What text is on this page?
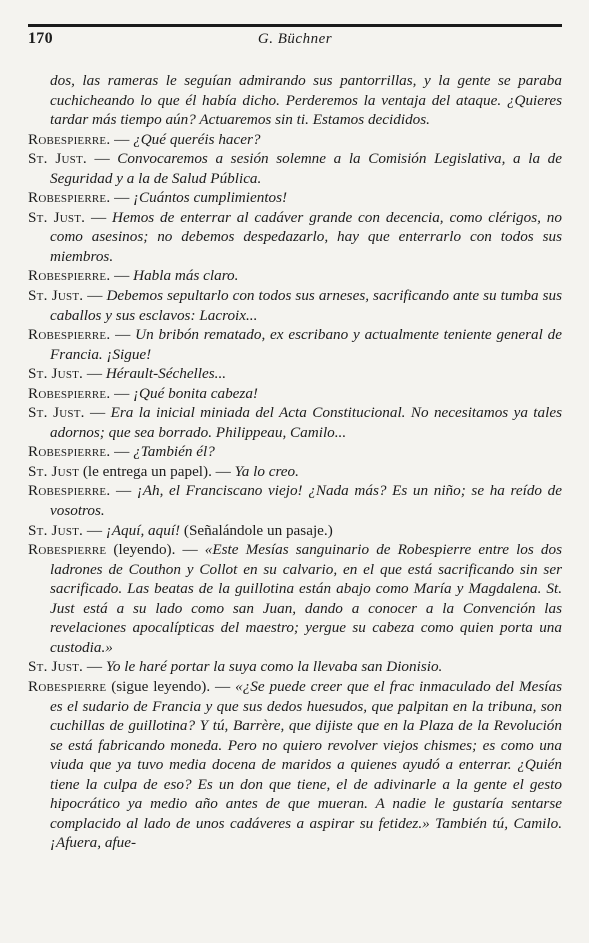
170	G. Büchner

dos, las rameras le seguían admirando sus pantorrillas, y la gente se paraba cuchicheando lo que él había dicho. Perderemos la ventaja del ataque. ¿Quieres tardar más tiempo aún? Actuaremos sin ti. Estamos decididos.

Robespierre. — ¿Qué queréis hacer?

St. Just. — Convocaremos a sesión solemne a la Comisión Legislativa, a la de Seguridad y a la de Salud Pública.

Robespierre. — ¡Cuántos cumplimientos!

St. Just. — Hemos de enterrar al cadáver grande con decencia, como clérigos, no como asesinos; no debemos despedazarlo, hay que enterrarlo con todos sus miembros.

Robespierre. — Habla más claro.

St. Just. — Debemos sepultarlo con todos sus arneses, sacrificando ante su tumba sus caballos y sus esclavos: Lacroix...

Robespierre. — Un bribón rematado, ex escribano y actualmente teniente general de Francia. ¡Sigue!

St. Just. — Hérault-Séchelles...

Robespierre. — ¡Qué bonita cabeza!

St. Just. — Era la inicial miniada del Acta Constitucional. No necesitamos ya tales adornos; que sea borrado. Philippeau, Camilo...

Robespierre. — ¿También él?

St. Just (le entrega un papel). — Ya lo creo.

Robespierre. — ¡Ah, el Franciscano viejo! ¿Nada más? Es un niño; se ha reído de vosotros.

St. Just. — ¡Aquí, aquí! (Señalándole un pasaje.)

Robespierre (leyendo). — «Este Mesías sanguinario de Robespierre entre los dos ladrones de Couthon y Collot en su calvario, en el que está sacrificando sin ser sacrificado. Las beatas de la guillotina están abajo como María y Magdalena. St. Just está a su lado como san Juan, dando a conocer a la Convención las revelaciones apocalípticas del maestro; yergue su cabeza como quien porta una custodia.»

St. Just. — Yo le haré portar la suya como la llevaba san Dionisio.

Robespierre (sigue leyendo). — «¿Se puede creer que el frac inmaculado del Mesías es el sudario de Francia y que sus dedos huesudos, que palpitan en la tribuna, son cuchillas de guillotina? Y tú, Barrère, que dijiste que en la Plaza de la Revolución se está fabricando moneda. Pero no quiero revolver viejos chismes; es como una viuda que ya tuvo media docena de maridos a quienes ayudó a enterrar. ¿Quién tiene la culpa de eso? Es un don que tiene, el de adivinarle a la gente el gesto hipocrático ya medio año antes de que mueran. A nadie le gustaría sentarse complacido al lado de unos cadáveres a aspirar su fetidez.» También tú, Camilo. ¡Afuera, afue-
